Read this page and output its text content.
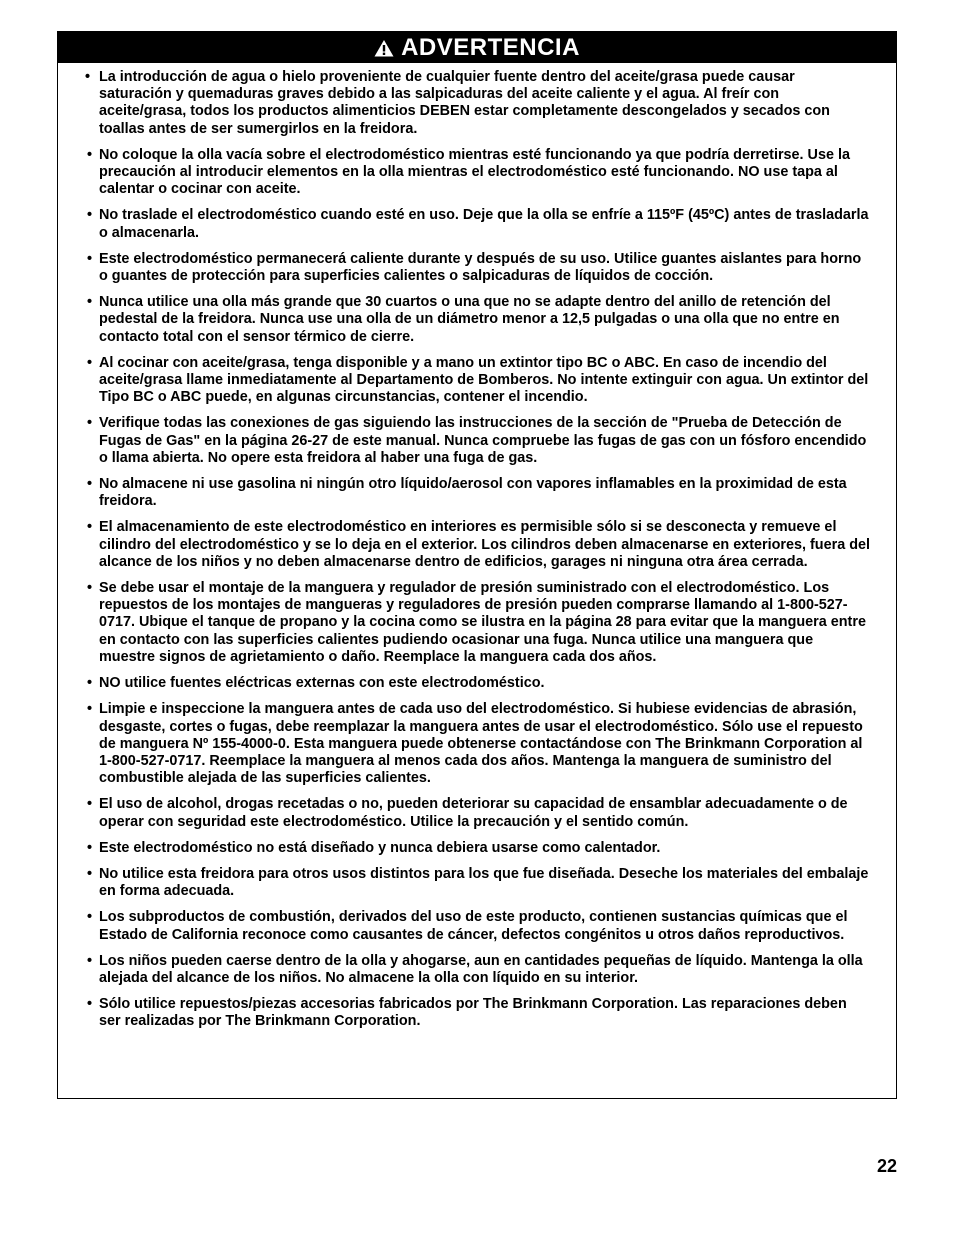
ADVERTENCIA
• La introducción de agua o hielo proveniente de cualquier fuente dentro del aceite/grasa puede causar saturación y quemaduras graves debido a las salpicaduras del aceite caliente y el agua. Al freír con aceite/grasa, todos los productos alimenticios DEBEN estar completamente descongelados y secados con toallas antes de ser sumergirlos en la freidora.
• No coloque la olla vacía sobre el electrodoméstico mientras esté funcionando ya que podría derretirse. Use la precaución al introducir elementos en la olla mientras el electrodoméstico esté funcionando. NO use tapa al calentar o cocinar con aceite.
• No traslade el electrodoméstico cuando esté en uso. Deje que la olla se enfríe a 115ºF (45ºC) antes de trasladarla o almacenarla.
• Este electrodoméstico permanecerá caliente durante y después de su uso. Utilice guantes aislantes para horno o guantes de protección para superficies calientes o salpicaduras de líquidos de cocción.
• Nunca utilice una olla más grande que 30 cuartos o una que no se adapte dentro del anillo de retención del pedestal de la freidora. Nunca use una olla de un diámetro menor a 12,5 pulgadas o una olla que no entre en contacto total con el sensor térmico de cierre.
• Al cocinar con aceite/grasa, tenga disponible y a mano un extintor tipo BC o ABC. En caso de incendio del aceite/grasa llame inmediatamente al Departamento de Bomberos. No intente extinguir con agua. Un extintor del Tipo BC o ABC puede, en algunas circunstancias, contener el incendio.
• Verifique todas las conexiones de gas siguiendo las instrucciones de la sección de "Prueba de Detección de Fugas de Gas" en la página 26-27 de este manual. Nunca compruebe las fugas de gas con un fósforo encendido o llama abierta. No opere esta freidora al haber una fuga de gas.
• No almacene ni use gasolina ni ningún otro líquido/aerosol con vapores inflamables en la proximidad de esta freidora.
• El almacenamiento de este electrodoméstico en interiores es permisible sólo si se desconecta y remueve el cilindro del electrodoméstico y se lo deja en el exterior. Los cilindros deben almacenarse en exteriores, fuera del alcance de los niños y no deben almacenarse dentro de edificios, garages ni ninguna otra área cerrada.
• Se debe usar el montaje de la manguera y regulador de presión suministrado con el electrodoméstico. Los repuestos de los montajes de mangueras y reguladores de presión pueden comprarse llamando al 1-800-527-0717. Ubique el tanque de propano y la cocina como se ilustra en la página 28 para evitar que la manguera entre en contacto con las superficies calientes pudiendo ocasionar una fuga. Nunca utilice una manguera que muestre signos de agrietamiento o daño. Reemplace la manguera cada dos años.
• NO utilice fuentes eléctricas externas con este electrodoméstico.
• Limpie e inspeccione la manguera antes de cada uso del electrodoméstico. Si hubiese evidencias de abrasión, desgaste, cortes o fugas, debe reemplazar la manguera antes de usar el electrodoméstico. Sólo use el repuesto de manguera Nº 155-4000-0. Esta manguera puede obtenerse contactándose con The Brinkmann Corporation al 1-800-527-0717. Reemplace la manguera al menos cada dos años. Mantenga la manguera de suministro del combustible alejada de las superficies calientes.
• El uso de alcohol, drogas recetadas o no, pueden deteriorar su capacidad de ensamblar adecuadamente o de operar con seguridad este electrodoméstico. Utilice la precaución y el sentido común.
• Este electrodoméstico no está diseñado y nunca debiera usarse como calentador.
• No utilice esta freidora para otros usos distintos para los que fue diseñada. Deseche los materiales del embalaje en forma adecuada.
• Los subproductos de combustión, derivados del uso de este producto, contienen sustancias químicas que el Estado de California reconoce como causantes de cáncer, defectos congénitos u otros daños reproductivos.
• Los niños pueden caerse dentro de la olla y ahogarse, aun en cantidades pequeñas de líquido. Mantenga la olla alejada del alcance de los niños. No almacene la olla con líquido en su interior.
• Sólo utilice repuestos/piezas accesorias fabricados por The Brinkmann Corporation. Las reparaciones deben ser realizadas por The Brinkmann Corporation.
22
